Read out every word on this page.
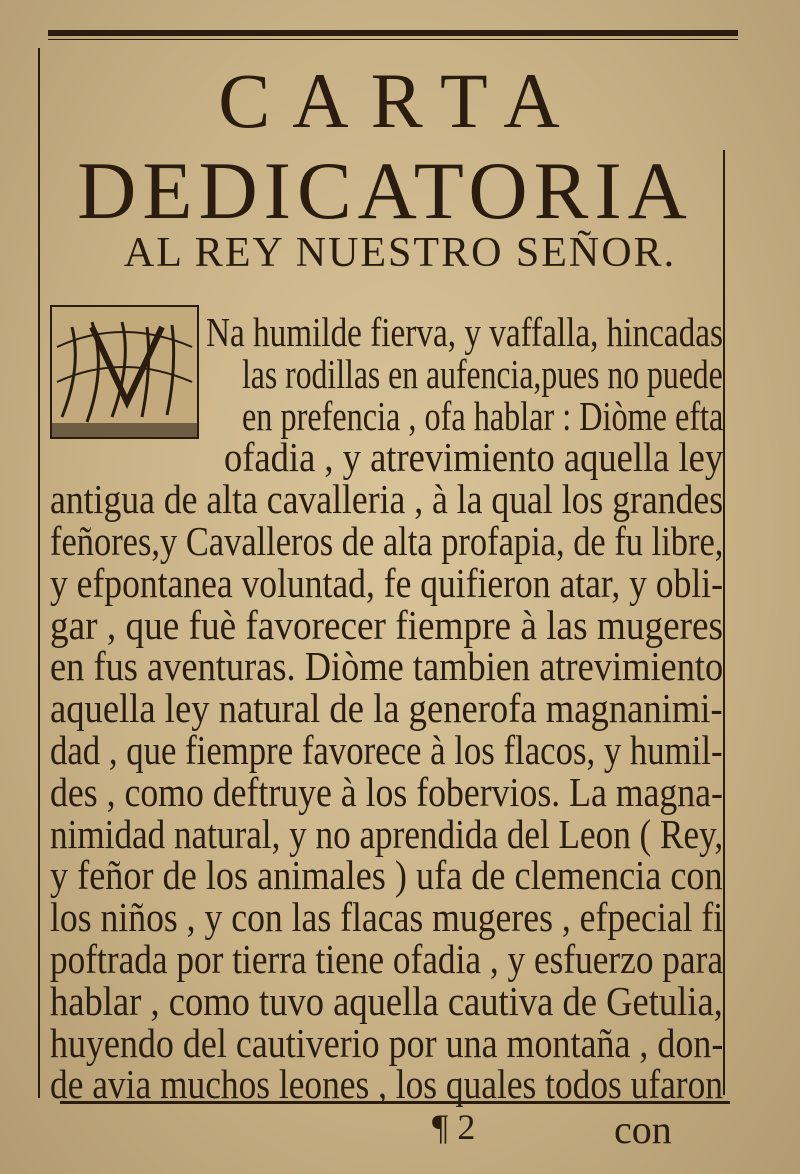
CARTA
DEDICATORIA
AL REY NUESTRO SEÑOR.
¶ 2	con
Na humilde fierva, y vaffalla, hincadas
las rodillas en aufencia,pues no puede
en prefencia , ofa hablar : Diòme efta
ofadia , y atrevimiento aquella ley
antigua de alta cavalleria , à la qual los grandes
feñores,y Cavalleros de alta profapia, de fu libre,
y efpontanea voluntad, fe quifieron atar, y obli-
gar , que fuè favorecer fiempre à las mugeres
en fus aventuras. Diòme tambien atrevimiento
aquella ley natural de la generofa magnanimi-
dad , que fiempre favorece à los flacos, y humil-
des , como deftruye à los fobervios. La magna-
nimidad natural, y no aprendida del Leon ( Rey,
y feñor de los animales ) ufa de clemencia con
los niños , y con las flacas mugeres , efpecial fi
poftrada por tierra tiene ofadia , y esfuerzo para
hablar , como tuvo aquella cautiva de Getulia,
huyendo del cautiverio por una montaña , don-
de avia muchos leones , los quales todos ufaron
